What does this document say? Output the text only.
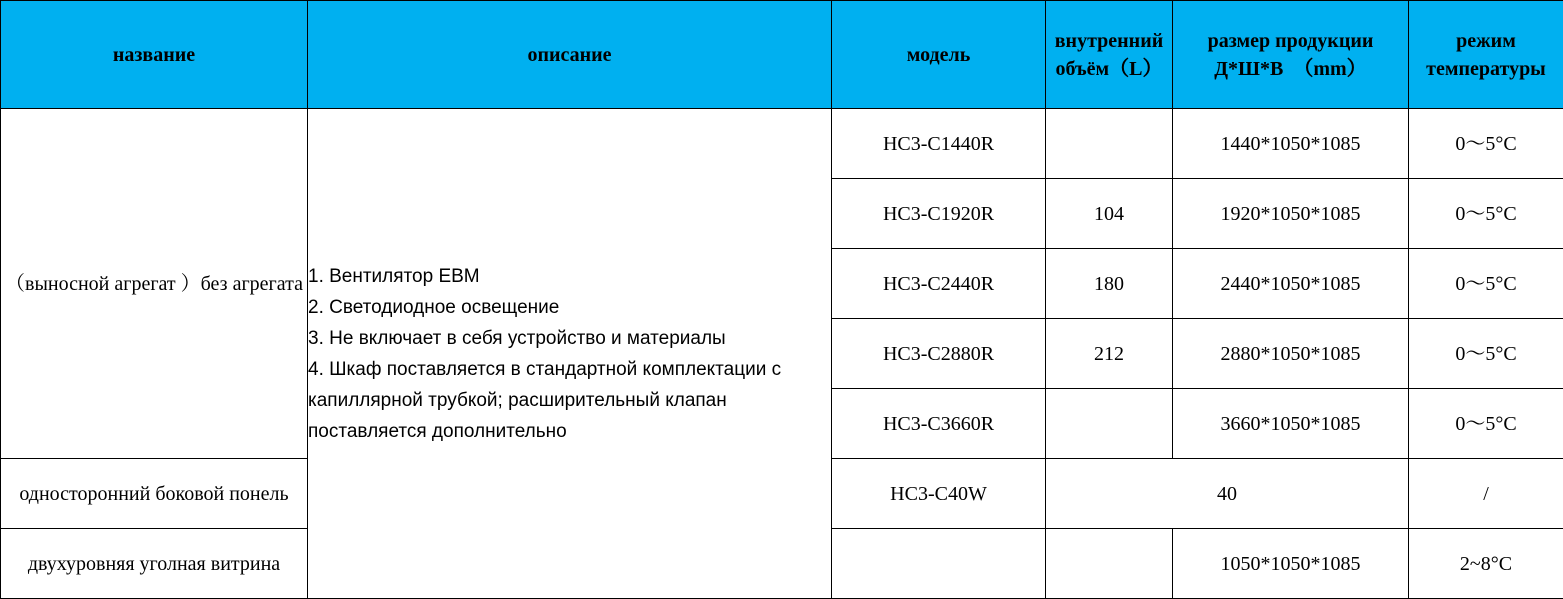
название	описание	модель	внутренний объём（L）	размер продукции Д*Ш*В　（mm）	режим температуры

（выносной агрегат ）без агрегата	1. Вентилятор EBM
2. Светодиодное освещение
3. Не включает в себя устройство и материалы
4. Шкаф поставляется в стандартной комплектации с капиллярной трубкой; расширительный клапан поставляется дополнительно	HC3-C1440R		1440*1050*1085	0～5°C
		HC3-C1920R	104	1920*1050*1085	0～5°C
		HC3-C2440R	180	2440*1050*1085	0～5°C
		HC3-C2880R	212	2880*1050*1085	0～5°C
		HC3-C3660R		3660*1050*1085	0～5°C
односторонний боковой понель		HC3-C40W	40		/
двухуровняя уголная витрина				1050*1050*1085	2~8°C
